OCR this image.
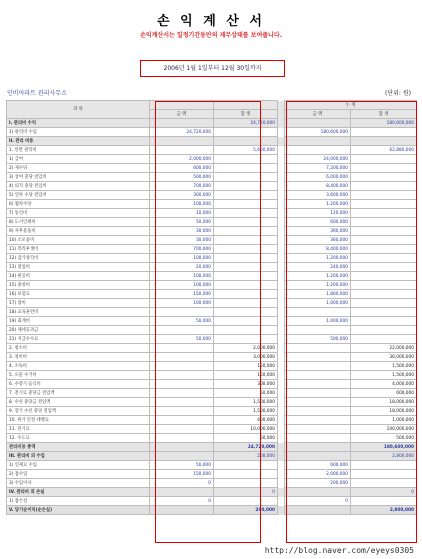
손 익 계 산 서
손익계산서는 일정기간동안의 재무상태를 보여줍니다.
2006년 1월 1일부터 12월 30일까지
인비아파트 관리사무소	(단위: 원)
과 목				누 계	
	금 액	합 계		금 액	합 계
I. 관리비 수익		24,720,000			180,600,000
1) 관리비 수입	24,720,000			180,600,000	
II. 관리 비용					
1. 일반 관리비		5,660,000			62,880,000
1) 급여	2,000,000			24,000,000	
2) 제수당	600,000			7,200,000	
3) 상여 충당 전입비	500,000			6,000,000	
4) 퇴직 충당 전입비	700,000			8,400,000	
5) 연차 수당 전입비	300,000			3,600,000	
6) 월차수당	100,000			1,200,000	
7) 통신비	10,000			120,000	
8) 도서인쇄비	50,000			600,000	
9) 사무용품비	30,000			360,000	
10) 소모품비	30,000			360,000	
11) 복리후생비	700,000			8,400,000	
12) 감가상각비	100,000			1,200,000	
13) 잡업비	20,000			240,000	
14) 판공비	100,000			1,200,000	
15) 충영비	100,000			1,200,000	
16) 보험료	150,000			1,800,000	
17) 잡비	100,000			1,000,000	
18) 교육훈련비					
19) 회계비	50,000			1,000,000	
20) 제세공과금					
21) 지급수수료	50,000			500,000	
2. 청소비		2,000,000			22,000,000
3. 경비비		3,000,000			36,000,000
4. 소독비		150,000			1,500,000
5. 오물 수거비		150,000			1,500,000
6. 수장기 음식비		300,000			4,000,000
7. 전기료 충당금 전입액		50,000			600,000
8. 수선 충당금 전입액		1,500,000			18,000,000
9. 장기 수선 충당 전입액		1,500,000			18,000,000
10. 위기 안전 대행료		400,000			1,000,000
11. 전기료		10,000,000			100,000,000
12. 수도료		50,000			500,000
관리비용 총액		24,720,000			180,600,000
III. 관리비 외 수입		200,000			2,800,000
1) 연체료 수입	50,000			600,000	
2) 잡수입	150,000			2,000,000	
3) 수입이자	0			200,000	
IV. 관리비 외 손실		0			0
1) 잡손실	0			0	
V. 당기순이익(순손실)		200,000			2,800,000
http://blog.naver.com/eyeys0305
